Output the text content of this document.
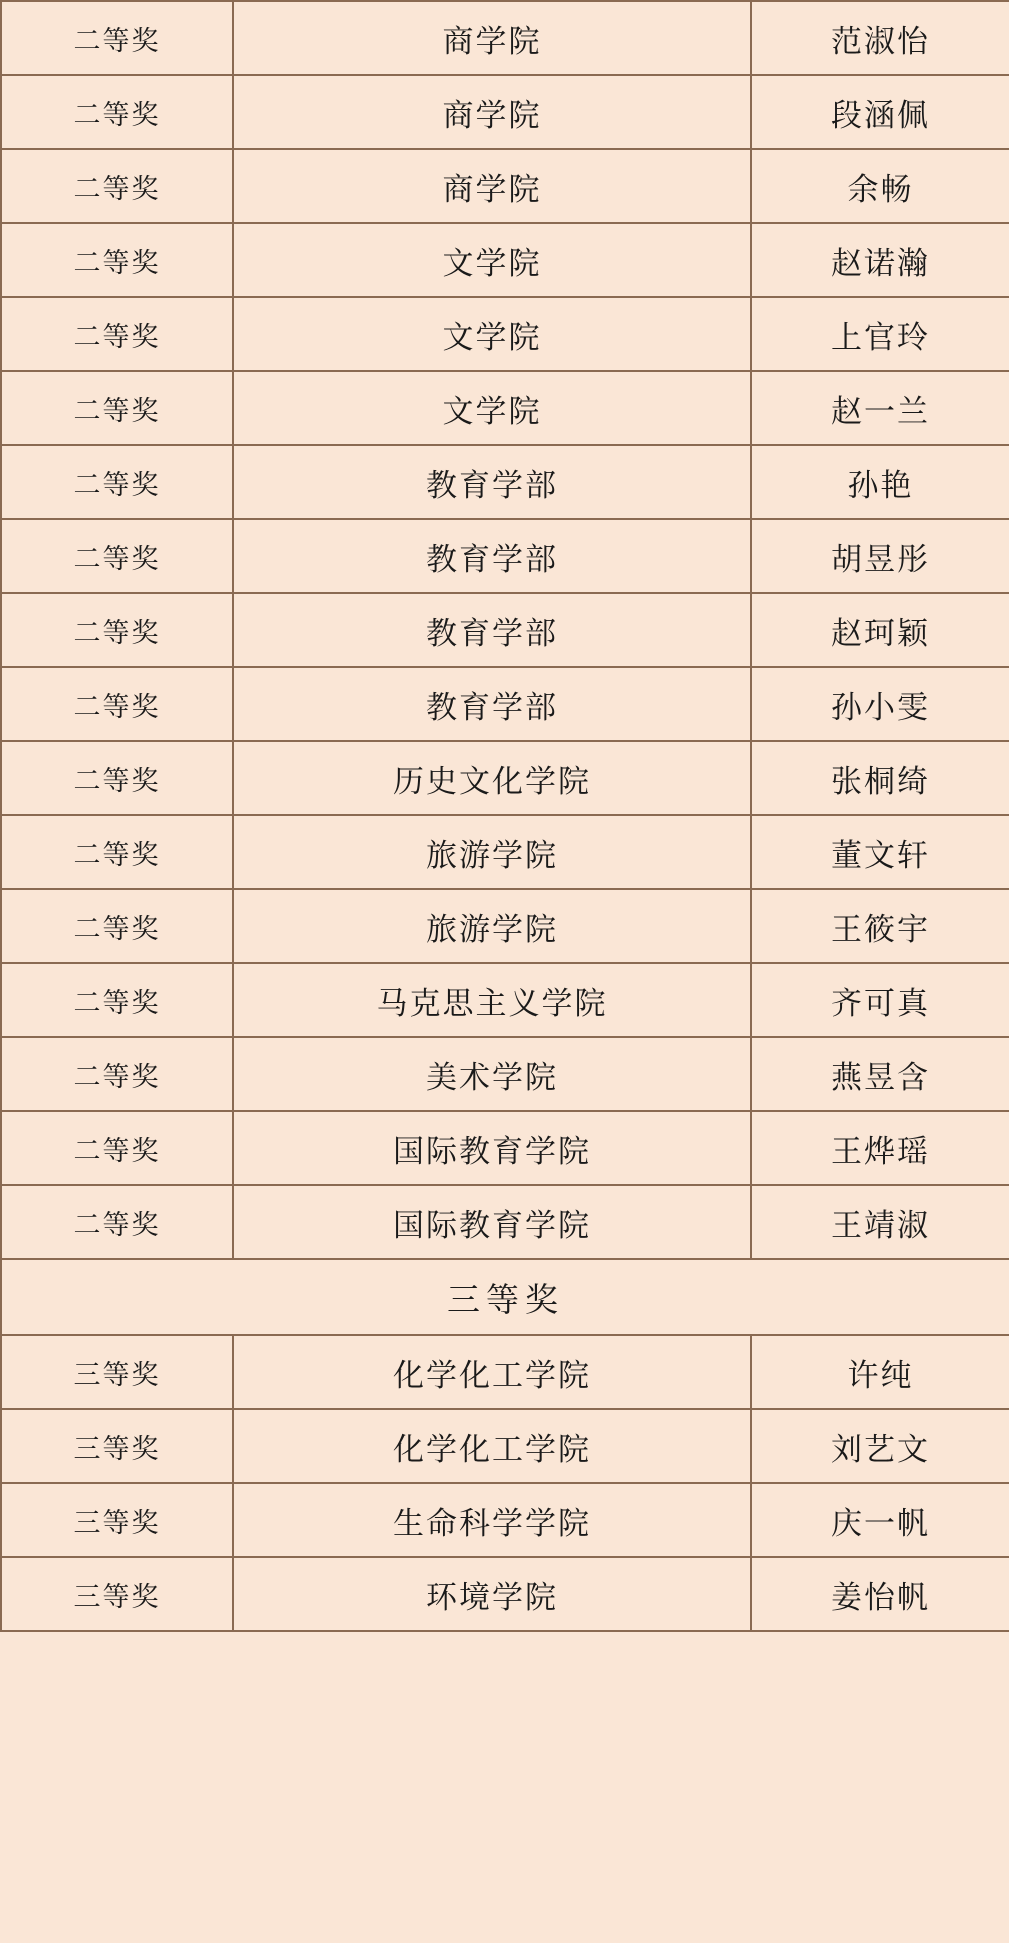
二等奖	商学院	范淑怡
二等奖	商学院	段涵佩
二等奖	商学院	余畅
二等奖	文学院	赵诺瀚
二等奖	文学院	上官玲
二等奖	文学院	赵一兰
二等奖	教育学部	孙艳
二等奖	教育学部	胡昱彤
二等奖	教育学部	赵珂颖
二等奖	教育学部	孙小雯
二等奖	历史文化学院	张桐绮
二等奖	旅游学院	董文轩
二等奖	旅游学院	王筱宇
二等奖	马克思主义学院	齐可真
二等奖	美术学院	燕昱含
二等奖	国际教育学院	王烨瑶
二等奖	国际教育学院	王靖淑
三等奖		
三等奖	化学化工学院	许纯
三等奖	化学化工学院	刘艺文
三等奖	生命科学学院	庆一帆
三等奖	环境学院	姜怡帆
